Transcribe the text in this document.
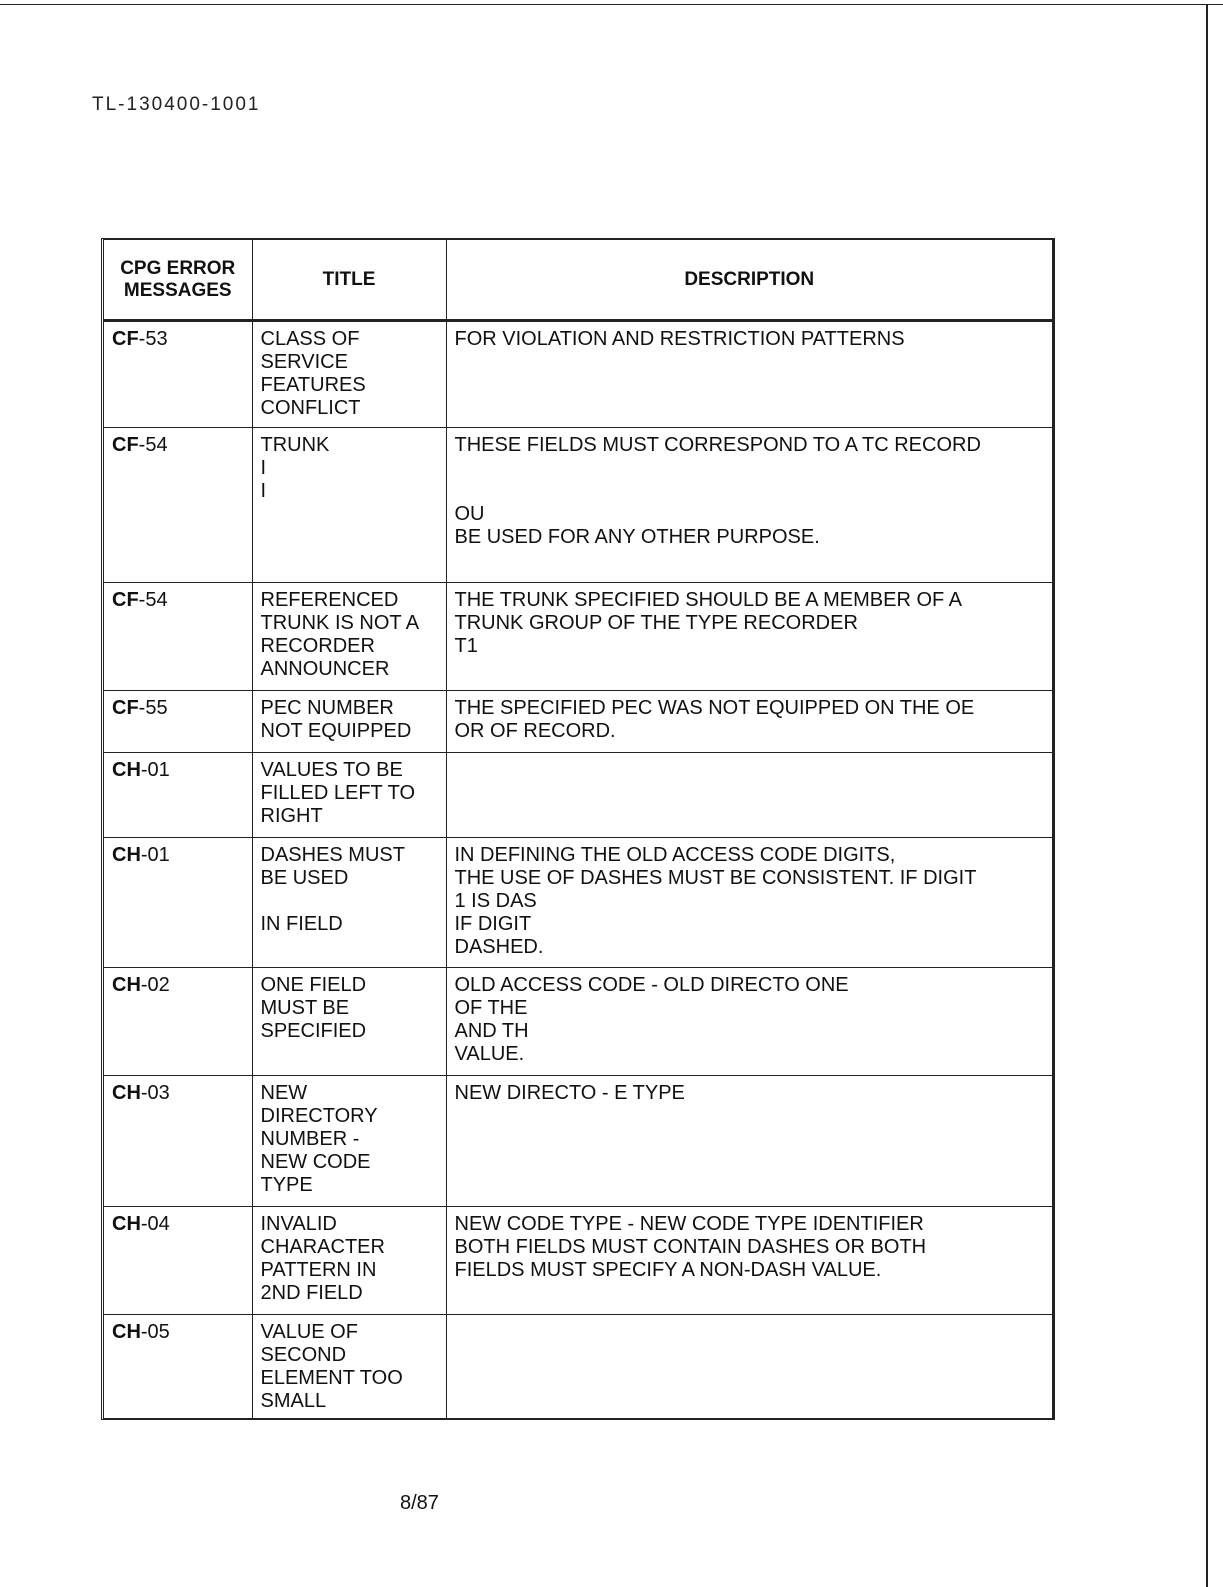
TL-130400-1001
CPG ERROR
MESSAGES	TITLE	DESCRIPTION
CF-53	CLASS OF
SERVICE
FEATURES
CONFLICT	FOR VIOLATION AND RESTRICTION PATTERNS
CF-54	TRUNK
I
I	THESE FIELDS MUST CORRESPOND TO A TC RECORD

OU
BE USED FOR ANY OTHER PURPOSE.
CF-54	REFERENCED
TRUNK IS NOT A
RECORDER
ANNOUNCER	THE TRUNK SPECIFIED SHOULD BE A MEMBER OF A
TRUNK GROUP OF THE TYPE RECORDER
T1
CF-55	PEC NUMBER
NOT EQUIPPED	THE SPECIFIED PEC WAS NOT EQUIPPED ON THE OE
OR OF RECORD.
CH-01	VALUES TO BE
FILLED LEFT TO
RIGHT	
CH-01	DASHES MUST
BE USED

IN FIELD	IN DEFINING THE OLD ACCESS CODE DIGITS,
THE USE OF DASHES MUST BE CONSISTENT. IF DIGIT
1 IS DAS
IF DIGIT
DASHED.
CH-02	ONE FIELD
MUST BE
SPECIFIED	OLD ACCESS CODE - OLD DIRECTO ONE
OF THE
AND TH
VALUE.
CH-03	NEW
DIRECTORY
NUMBER -
NEW CODE
TYPE	NEW DIRECTO - E TYPE
CH-04	INVALID
CHARACTER
PATTERN IN
2ND FIELD	NEW CODE TYPE - NEW CODE TYPE IDENTIFIER
BOTH FIELDS MUST CONTAIN DASHES OR BOTH
FIELDS MUST SPECIFY A NON-DASH VALUE.
CH-05	VALUE OF
SECOND
ELEMENT TOO
SMALL	
8/87
